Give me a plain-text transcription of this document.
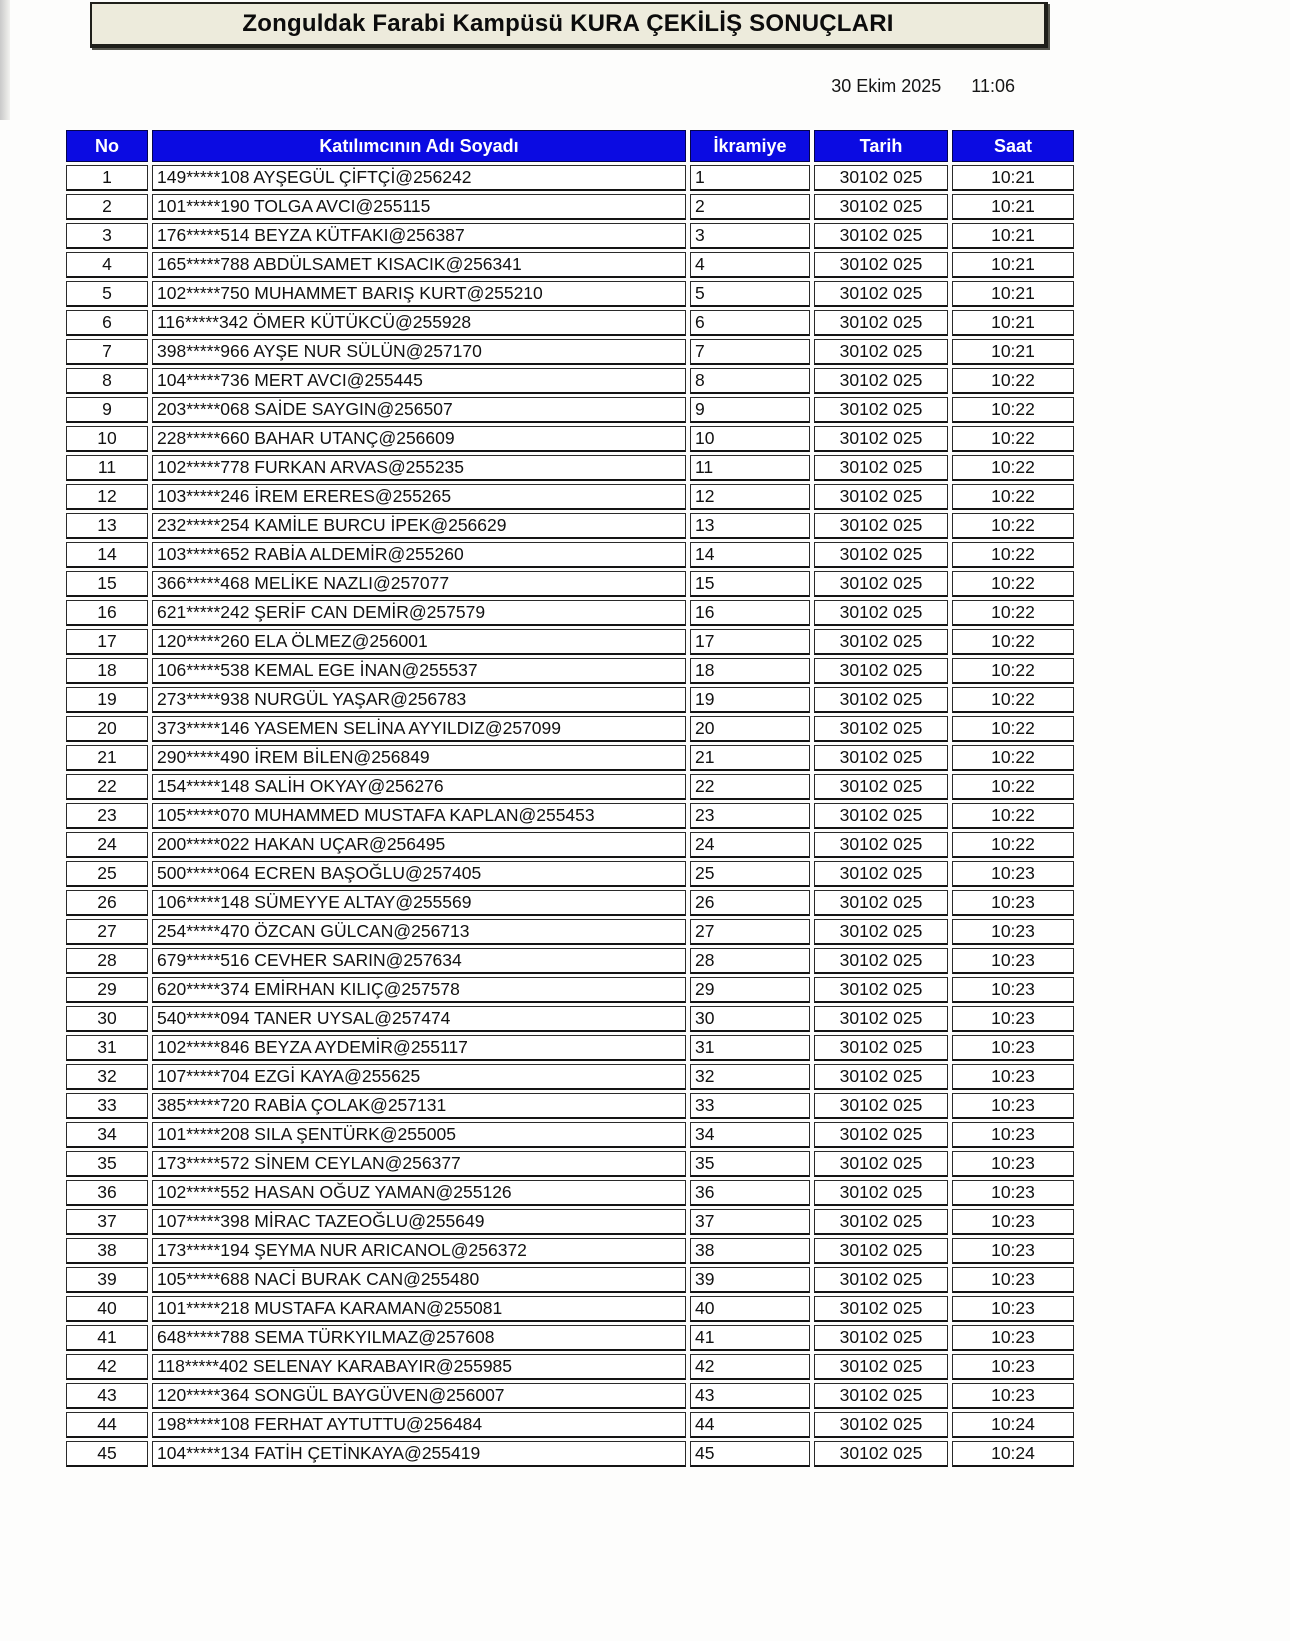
Zonguldak Farabi Kampüsü KURA ÇEKİLİŞ SONUÇLARI
30 Ekim 2025 11:06
No	Katılımcının Adı Soyadı	İkramiye	Tarih	Saat
1	149*****108 AYŞEGÜL ÇİFTÇİ@256242	1	30102 025	10:21
2	101*****190 TOLGA AVCI@255115	2	30102 025	10:21
3	176*****514 BEYZA KÜTFAKI@256387	3	30102 025	10:21
4	165*****788 ABDÜLSAMET KISACIK@256341	4	30102 025	10:21
5	102*****750 MUHAMMET BARIŞ KURT@255210	5	30102 025	10:21
6	116*****342 ÖMER KÜTÜKCÜ@255928	6	30102 025	10:21
7	398*****966 AYŞE NUR SÜLÜN@257170	7	30102 025	10:21
8	104*****736 MERT AVCI@255445	8	30102 025	10:22
9	203*****068 SAİDE SAYGIN@256507	9	30102 025	10:22
10	228*****660 BAHAR UTANÇ@256609	10	30102 025	10:22
11	102*****778 FURKAN ARVAS@255235	11	30102 025	10:22
12	103*****246 İREM ERERES@255265	12	30102 025	10:22
13	232*****254 KAMİLE BURCU İPEK@256629	13	30102 025	10:22
14	103*****652 RABİA ALDEMİR@255260	14	30102 025	10:22
15	366*****468 MELİKE NAZLI@257077	15	30102 025	10:22
16	621*****242 ŞERİF CAN DEMİR@257579	16	30102 025	10:22
17	120*****260 ELA ÖLMEZ@256001	17	30102 025	10:22
18	106*****538 KEMAL EGE İNAN@255537	18	30102 025	10:22
19	273*****938 NURGÜL YAŞAR@256783	19	30102 025	10:22
20	373*****146 YASEMEN SELİNA AYYILDIZ@257099	20	30102 025	10:22
21	290*****490 İREM BİLEN@256849	21	30102 025	10:22
22	154*****148 SALİH OKYAY@256276	22	30102 025	10:22
23	105*****070 MUHAMMED MUSTAFA KAPLAN@255453	23	30102 025	10:22
24	200*****022 HAKAN UÇAR@256495	24	30102 025	10:22
25	500*****064 ECREN BAŞOĞLU@257405	25	30102 025	10:23
26	106*****148 SÜMEYYE ALTAY@255569	26	30102 025	10:23
27	254*****470 ÖZCAN GÜLCAN@256713	27	30102 025	10:23
28	679*****516 CEVHER SARIN@257634	28	30102 025	10:23
29	620*****374 EMİRHAN KILIÇ@257578	29	30102 025	10:23
30	540*****094 TANER UYSAL@257474	30	30102 025	10:23
31	102*****846 BEYZA AYDEMİR@255117	31	30102 025	10:23
32	107*****704 EZGİ KAYA@255625	32	30102 025	10:23
33	385*****720 RABİA ÇOLAK@257131	33	30102 025	10:23
34	101*****208 SILA ŞENTÜRK@255005	34	30102 025	10:23
35	173*****572 SİNEM CEYLAN@256377	35	30102 025	10:23
36	102*****552 HASAN OĞUZ YAMAN@255126	36	30102 025	10:23
37	107*****398 MİRAC TAZEOĞLU@255649	37	30102 025	10:23
38	173*****194 ŞEYMA NUR ARICANOL@256372	38	30102 025	10:23
39	105*****688 NACİ BURAK CAN@255480	39	30102 025	10:23
40	101*****218 MUSTAFA KARAMAN@255081	40	30102 025	10:23
41	648*****788 SEMA TÜRKYILMAZ@257608	41	30102 025	10:23
42	118*****402 SELENAY KARABAYIR@255985	42	30102 025	10:23
43	120*****364 SONGÜL BAYGÜVEN@256007	43	30102 025	10:23
44	198*****108 FERHAT AYTUTTU@256484	44	30102 025	10:24
45	104*****134 FATİH ÇETİNKAYA@255419	45	30102 025	10:24
